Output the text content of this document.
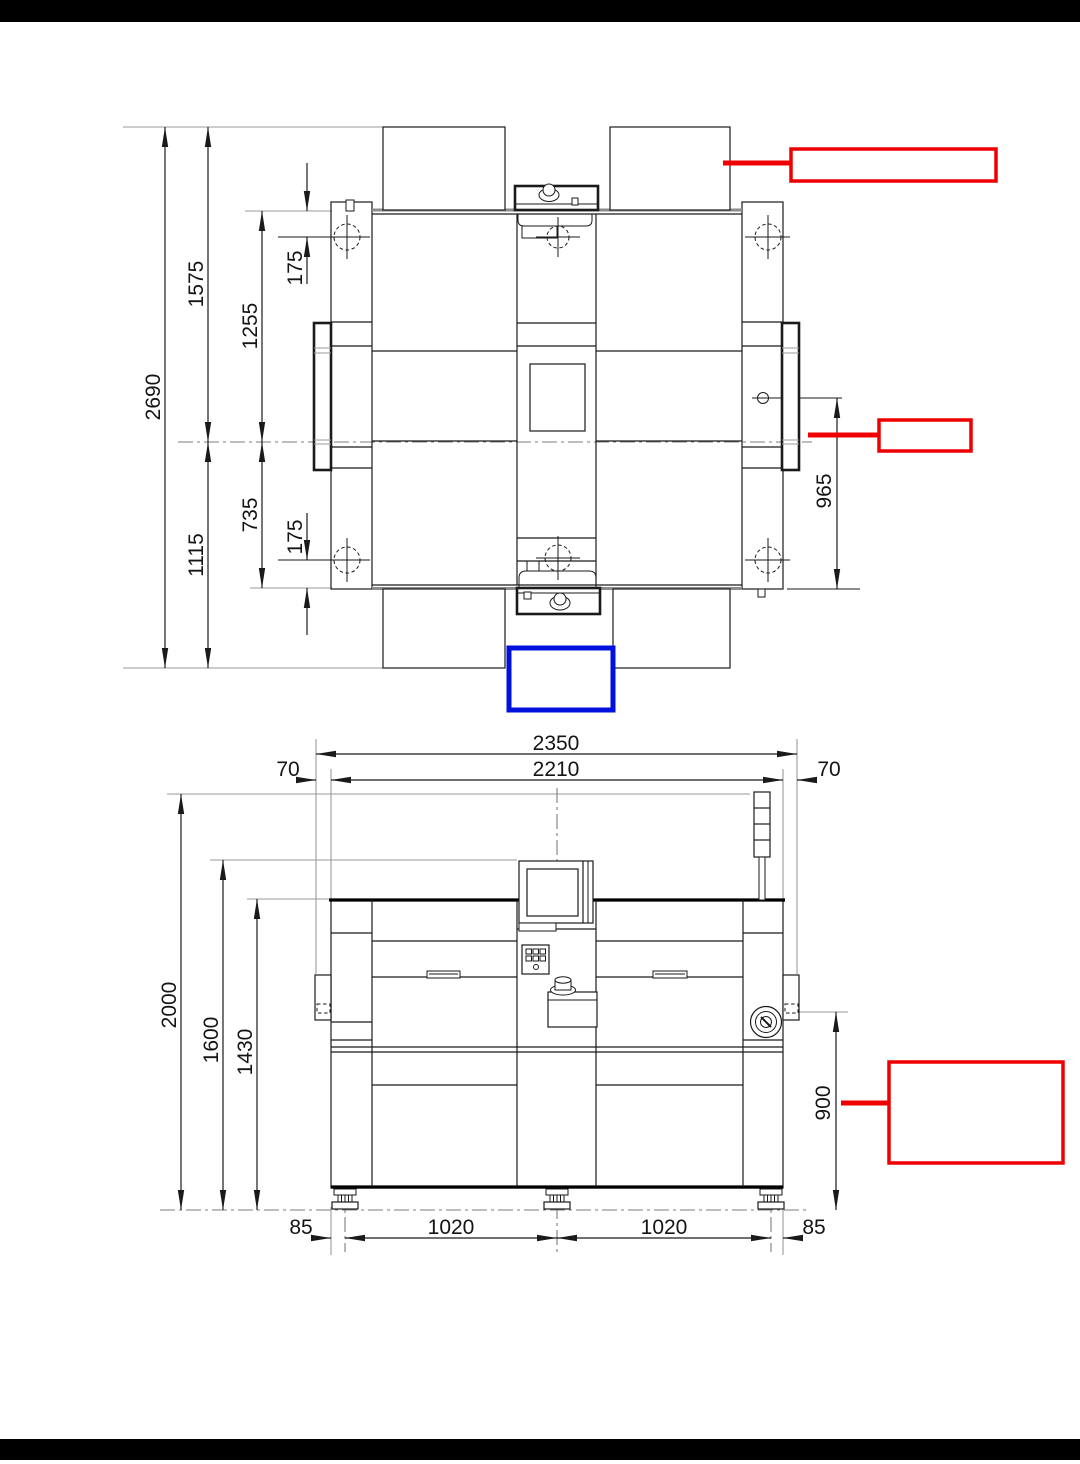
2690
1575
1115
1255
735
175
175
965
2350
2210
70	70
2000
1600 1430
900
85	1020	1020	85
